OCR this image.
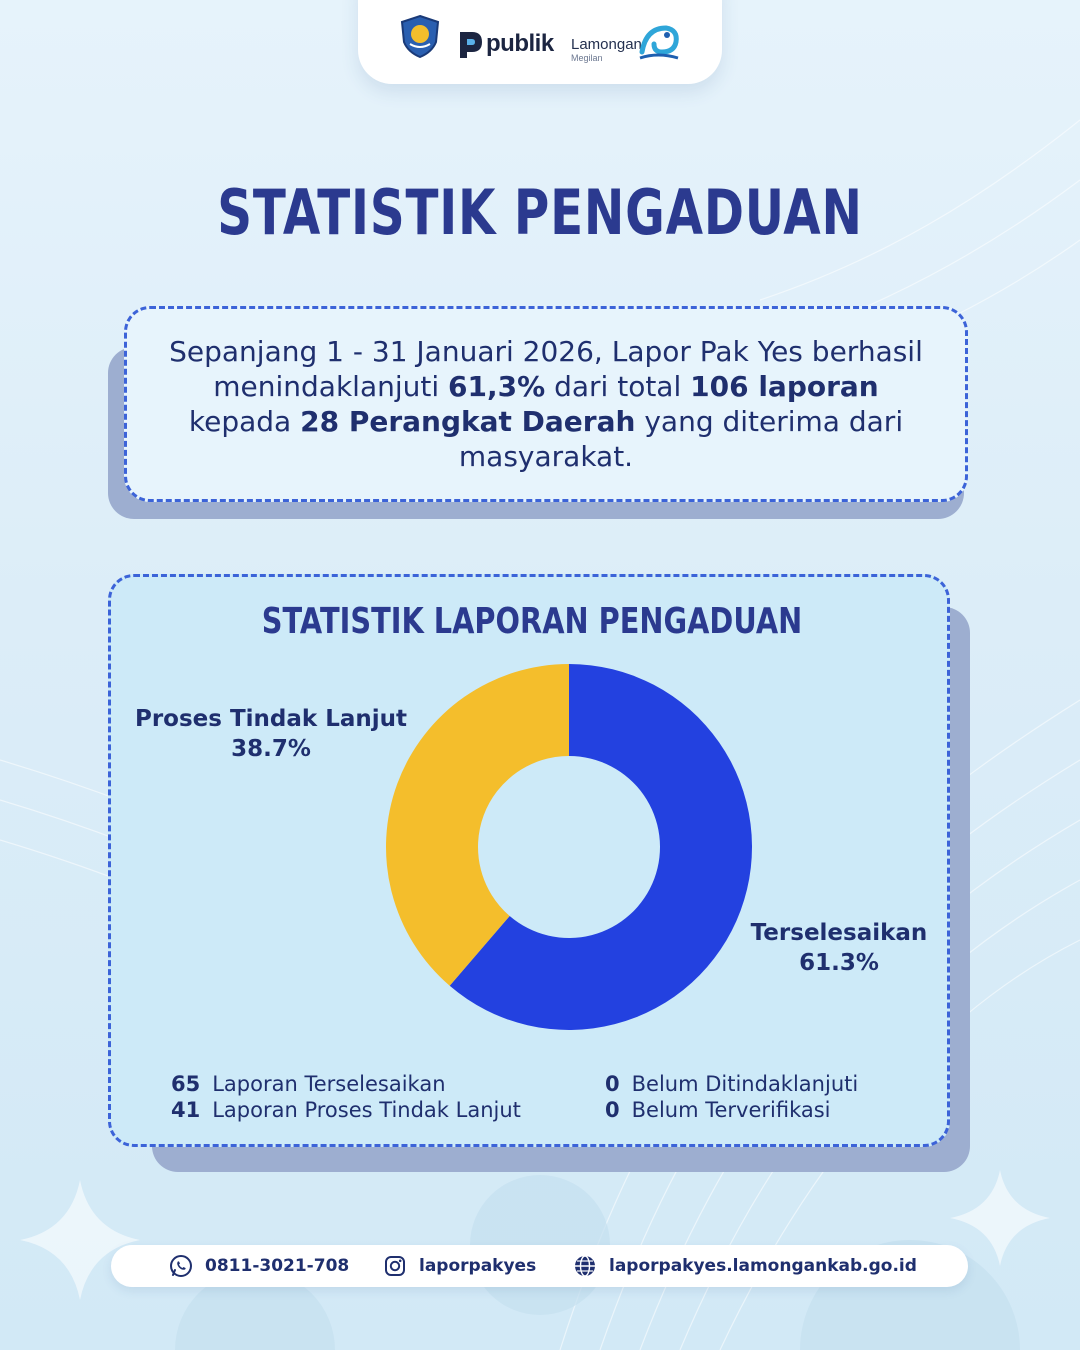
publik Lamongan
Megilan
STATISTIK PENGADUAN

Sepanjang 1 - 31 Januari 2026, Lapor Pak Yes berhasil menindaklanjuti 61,3% dari total 106 laporan kepada 28 Perangkat Daerah yang diterima dari masyarakat.

STATISTIK LAPORAN PENGADUAN
Proses Tindak Lanjut
38.7%
Terselesaikan
61.3%
65 Laporan Terselesaikan
41 Laporan Proses Tindak Lanjut
0 Belum Ditindaklanjuti
0 Belum Terverifikasi
0811-3021-708	laporpakyes	laporpakyes.lamongankab.go.id
